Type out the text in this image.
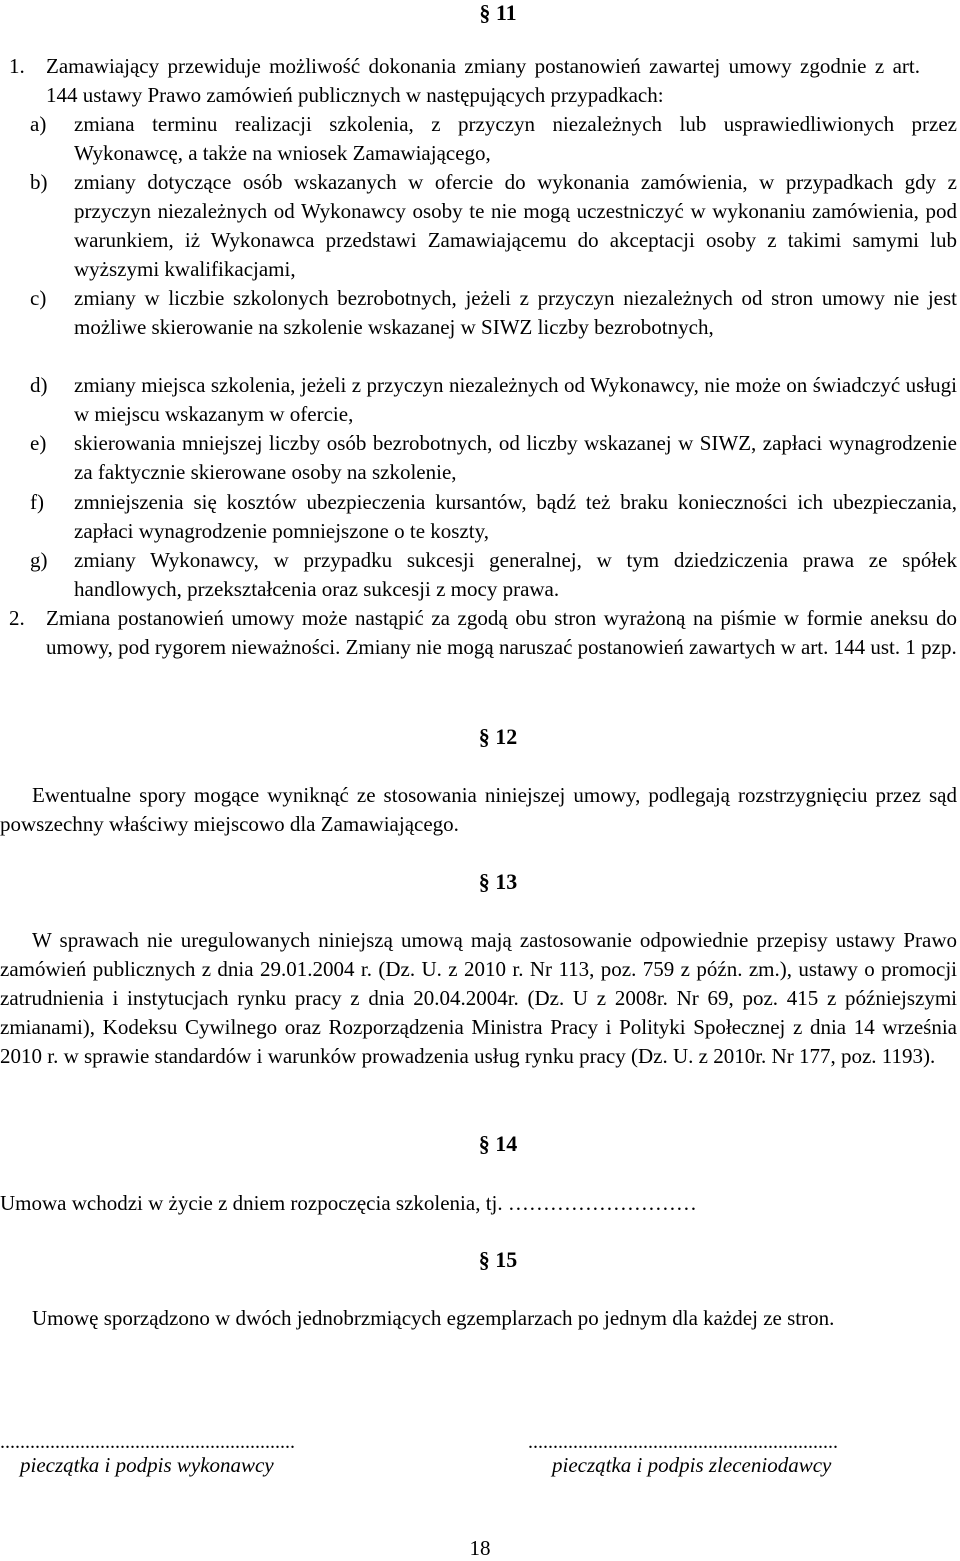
§ 11
1. Zamawiający przewiduje możliwość dokonania zmiany postanowień zawartej umowy zgodnie z art. 144 ustawy Prawo zamówień publicznych w następujących przypadkach:

a) zmiana terminu realizacji szkolenia, z przyczyn niezależnych lub usprawiedliwionych przez Wykonawcę, a także na wniosek Zamawiającego,

b) zmiany dotyczące osób wskazanych w ofercie do wykonania zamówienia, w przypadkach gdy z przyczyn niezależnych od Wykonawcy osoby te nie mogą uczestniczyć w wykonaniu zamówienia, pod warunkiem, iż Wykonawca przedstawi Zamawiającemu do akceptacji osoby z takimi samymi lub wyższymi kwalifikacjami,

c) zmiany w liczbie szkolonych bezrobotnych, jeżeli z przyczyn niezależnych od stron umowy nie jest możliwe skierowanie na szkolenie wskazanej w SIWZ liczby bezrobotnych,

d) zmiany miejsca szkolenia, jeżeli z przyczyn niezależnych od Wykonawcy, nie może on świadczyć usługi w miejscu wskazanym w ofercie,

e) skierowania mniejszej liczby osób bezrobotnych, od liczby wskazanej w SIWZ, zapłaci wynagrodzenie za faktycznie skierowane osoby na szkolenie,

f) zmniejszenia się kosztów ubezpieczenia kursantów, bądź też braku konieczności ich ubezpieczania, zapłaci wynagrodzenie pomniejszone o te koszty,

g) zmiany Wykonawcy, w przypadku sukcesji generalnej, w tym dziedziczenia prawa ze spółek handlowych, przekształcenia oraz sukcesji z mocy prawa.

2. Zmiana postanowień umowy może nastąpić za zgodą obu stron wyrażoną na piśmie w formie aneksu do umowy, pod rygorem nieważności. Zmiany nie mogą naruszać postanowień zawartych w art. 144 ust. 1 pzp.

§ 12

Ewentualne spory mogące wyniknąć ze stosowania niniejszej umowy, podlegają rozstrzygnięciu przez sąd powszechny właściwy miejscowo dla Zamawiającego.

§ 13

W sprawach nie uregulowanych niniejszą umową mają zastosowanie odpowiednie przepisy ustawy Prawo zamówień publicznych z dnia 29.01.2004 r. (Dz. U. z 2010 r. Nr 113, poz. 759 z późn. zm.), ustawy o promocji zatrudnienia i instytucjach rynku pracy z dnia 20.04.2004r. (Dz. U z 2008r. Nr 69, poz. 415 z późniejszymi zmianami), Kodeksu Cywilnego oraz Rozporządzenia Ministra Pracy i Polityki Społecznej z dnia 14 września 2010 r. w sprawie standardów i warunków prowadzenia usług rynku pracy (Dz. U. z 2010r. Nr 177, poz. 1193).

§ 14

Umowa wchodzi w życie z dniem rozpoczęcia szkolenia, tj. ………………………

§ 15

Umowę sporządzono w dwóch jednobrzmiących egzemplarzach po jednym dla każdej ze stron.

...........................................................
pieczątka i podpis wykonawcy
..............................................................
pieczątka i podpis zleceniodawcy
18
